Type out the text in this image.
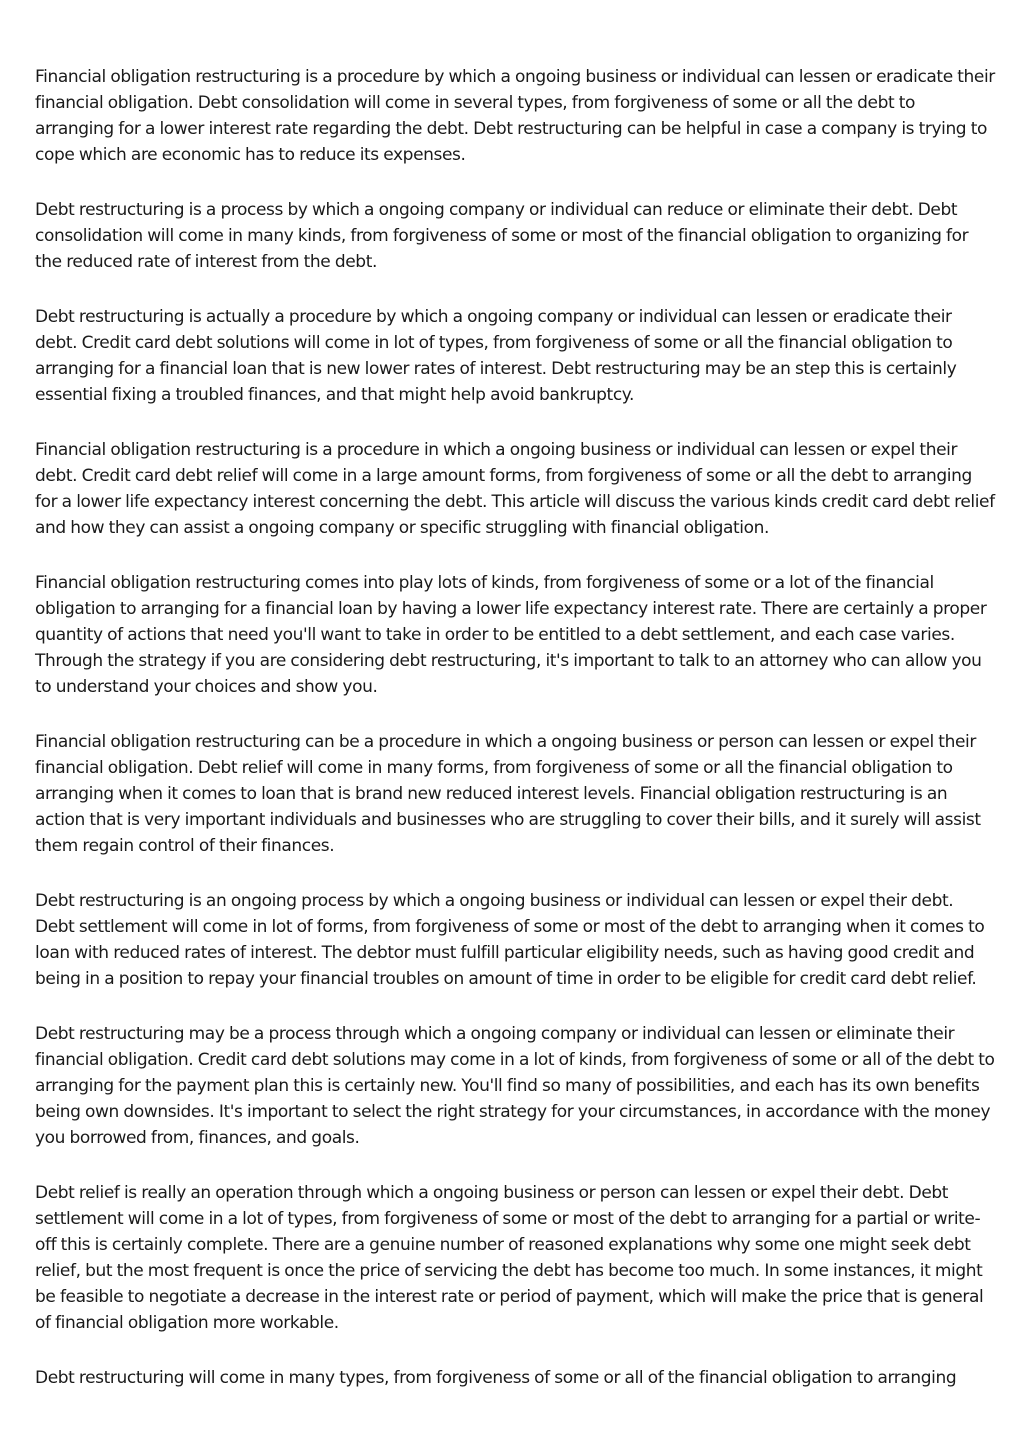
Financial obligation restructuring is a procedure by which a ongoing business or individual can lessen or eradicate their financial obligation. Debt consolidation will come in several types, from forgiveness of some or all the debt to arranging for a lower interest rate regarding the debt. Debt restructuring can be helpful in case a company is trying to cope which are economic has to reduce its expenses.

Debt restructuring is a process by which a ongoing company or individual can reduce or eliminate their debt. Debt consolidation will come in many kinds, from forgiveness of some or most of the financial obligation to organizing for the reduced rate of interest from the debt.

Debt restructuring is actually a procedure by which a ongoing company or individual can lessen or eradicate their debt. Credit card debt solutions will come in lot of types, from forgiveness of some or all the financial obligation to arranging for a financial loan that is new lower rates of interest. Debt restructuring may be an step this is certainly essential fixing a troubled finances, and that might help avoid bankruptcy.

Financial obligation restructuring is a procedure in which a ongoing business or individual can lessen or expel their debt. Credit card debt relief will come in a large amount forms, from forgiveness of some or all the debt to arranging for a lower life expectancy interest concerning the debt. This article will discuss the various kinds credit card debt relief and how they can assist a ongoing company or specific struggling with financial obligation.

Financial obligation restructuring comes into play lots of kinds, from forgiveness of some or a lot of the financial obligation to arranging for a financial loan by having a lower life expectancy interest rate. There are certainly a proper quantity of actions that need you'll want to take in order to be entitled to a debt settlement, and each case varies. Through the strategy if you are considering debt restructuring, it's important to talk to an attorney who can allow you to understand your choices and show you.

Financial obligation restructuring can be a procedure in which a ongoing business or person can lessen or expel their financial obligation. Debt relief will come in many forms, from forgiveness of some or all the financial obligation to arranging when it comes to loan that is brand new reduced interest levels. Financial obligation restructuring is an action that is very important individuals and businesses who are struggling to cover their bills, and it surely will assist them regain control of their finances.

Debt restructuring is an ongoing process by which a ongoing business or individual can lessen or expel their debt. Debt settlement will come in lot of forms, from forgiveness of some or most of the debt to arranging when it comes to loan with reduced rates of interest. The debtor must fulfill particular eligibility needs, such as having good credit and being in a position to repay your financial troubles on amount of time in order to be eligible for credit card debt relief.

Debt restructuring may be a process through which a ongoing company or individual can lessen or eliminate their financial obligation. Credit card debt solutions may come in a lot of kinds, from forgiveness of some or all of the debt to arranging for the payment plan this is certainly new. You'll find so many of possibilities, and each has its own benefits being own downsides. It's important to select the right strategy for your circumstances, in accordance with the money you borrowed from, finances, and goals.

Debt relief is really an operation through which a ongoing business or person can lessen or expel their debt. Debt settlement will come in a lot of types, from forgiveness of some or most of the debt to arranging for a partial or write-off this is certainly complete. There are a genuine number of reasoned explanations why some one might seek debt relief, but the most frequent is once the price of servicing the debt has become too much. In some instances, it might be feasible to negotiate a decrease in the interest rate or period of payment, which will make the price that is general of financial obligation more workable.

Debt restructuring will come in many types, from forgiveness of some or all of the financial obligation to arranging
